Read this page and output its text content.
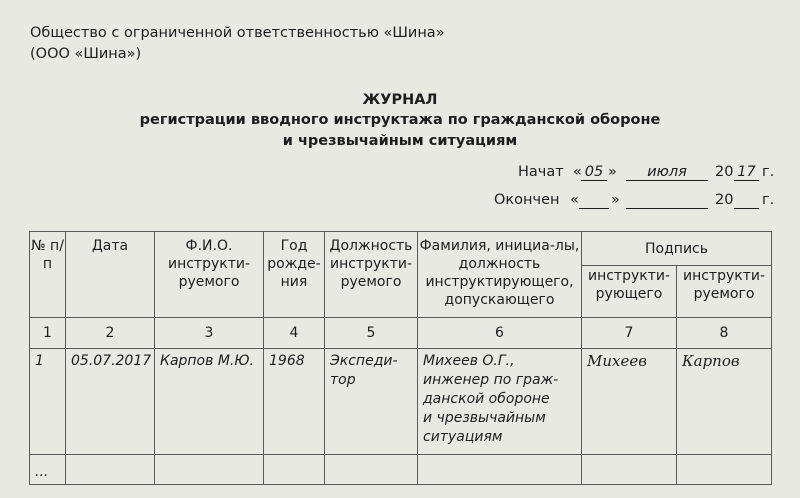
Общество с ограниченной ответственностью «Шина»
(ООО «Шина»)
ЖУРНАЛ
регистрации вводного инструктажа по гражданской обороне
и чрезвычайным ситуациям
Начат « 05 »	июля	20 17 г.
Окончен « »	20 г.
№ п/п	Дата	Ф.И.О. инструкти-руемого	Год рожде-ния	Должность инструкти-руемого	Фамилия, инициа-лы, должность инструктирующего, допускающего	Подпись	
						инструкти-рующего	инструкти-руемого
1	2	3	4	5	6	7	8
1	05.07.2017	Карпов М.Ю.	1968	Экспеди-тор	Михеев О.Г., инженер по граж-данской обороне и чрезвычайным ситуациям	Михеев	Карпов
...							
